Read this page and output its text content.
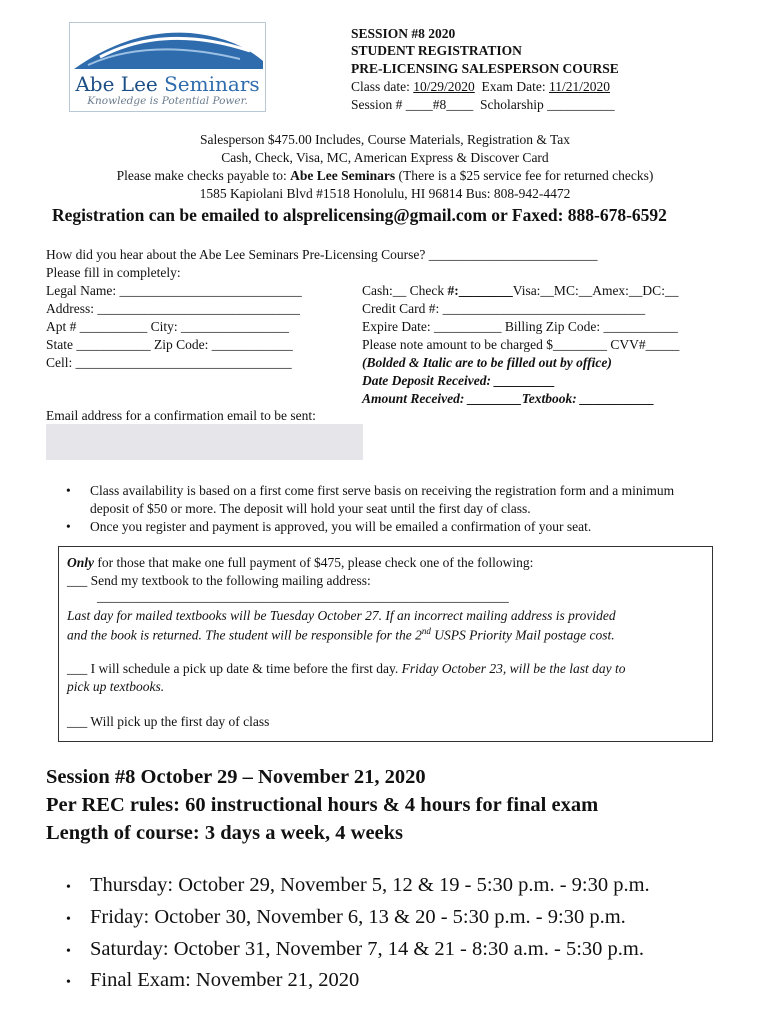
Abe Lee Seminars
Knowledge is Potential Power.
SESSION #8 2020
STUDENT REGISTRATION
PRE-LICENSING SALESPERSON COURSE
Class date: 10/29/2020  Exam Date: 11/21/2020
Session # ____#8____  Scholarship __________
Salesperson $475.00 Includes, Course Materials, Registration & Tax
Cash, Check, Visa, MC, American Express & Discover Card
Please make checks payable to: Abe Lee Seminars (There is a $25 service fee for returned checks)
1585 Kapiolani Blvd #1518 Honolulu, HI 96814 Bus: 808-942-4472
Registration can be emailed to alsprelicensing@gmail.com or Faxed: 888-678-6592
How did you hear about the Abe Lee Seminars Pre-Licensing Course? _________________________
Please fill in completely:
Legal Name: ___________________________
Address: ______________________________
Apt # __________ City: ________________
State ___________ Zip Code: ____________
Cell: ________________________________
Cash:__ Check #:________Visa:__MC:__Amex:__DC:__
Credit Card #: ______________________________
Expire Date: __________ Billing Zip Code: ___________
Please note amount to be charged $________ CVV#_____
(Bolded & Italic are to be filled out by office)
Date Deposit Received: _________
Amount Received: ________Textbook: ___________
Email address for a confirmation email to be sent:
• Class availability is based on a first come first serve basis on receiving the registration form and a minimum deposit of $50 or more. The deposit will hold your seat until the first day of class.
• Once you register and payment is approved, you will be emailed a confirmation of your seat.
Only for those that make one full payment of $475, please check one of the following:
___ Send my textbook to the following mailing address:
_____________________________________________________________
Last day for mailed textbooks will be Tuesday October 27. If an incorrect mailing address is provided
and the book is returned. The student will be responsible for the 2nd USPS Priority Mail postage cost.
___ I will schedule a pick up date & time before the first day. Friday October 23, will be the last day to
pick up textbooks.
___ Will pick up the first day of class
Session #8 October 29 – November 21, 2020
Per REC rules: 60 instructional hours & 4 hours for final exam
Length of course: 3 days a week, 4 weeks
• Thursday: October 29, November 5, 12 & 19 - 5:30 p.m. - 9:30 p.m.
• Friday: October 30, November 6, 13 & 20 - 5:30 p.m. - 9:30 p.m.
• Saturday: October 31, November 7, 14 & 21 - 8:30 a.m. - 5:30 p.m.
• Final Exam: November 21, 2020
